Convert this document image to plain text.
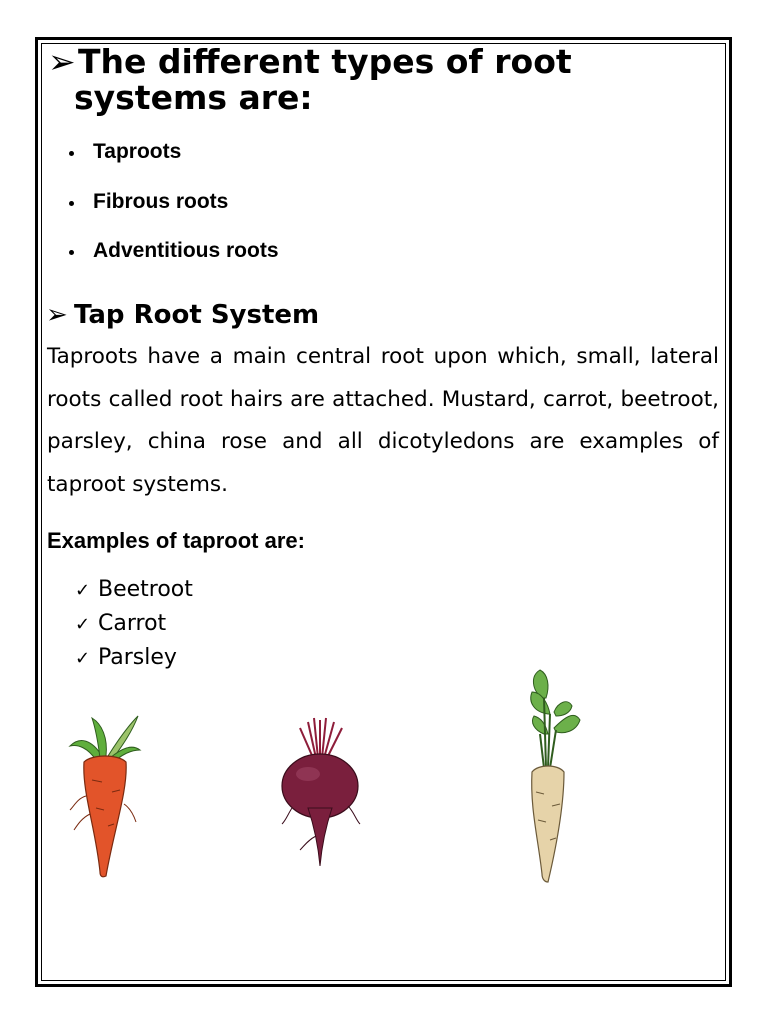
➢The different types of root
systems are:
Taproots
Fibrous roots
Adventitious roots
➢ Tap Root System
Taproots have a main central root upon which, small, lateral roots called root hairs are attached. Mustard, carrot, beetroot, parsley, china rose and all dicotyledons are examples of taproot systems.
Examples of taproot are:
✓ Beetroot
✓ Carrot
✓ Parsley
